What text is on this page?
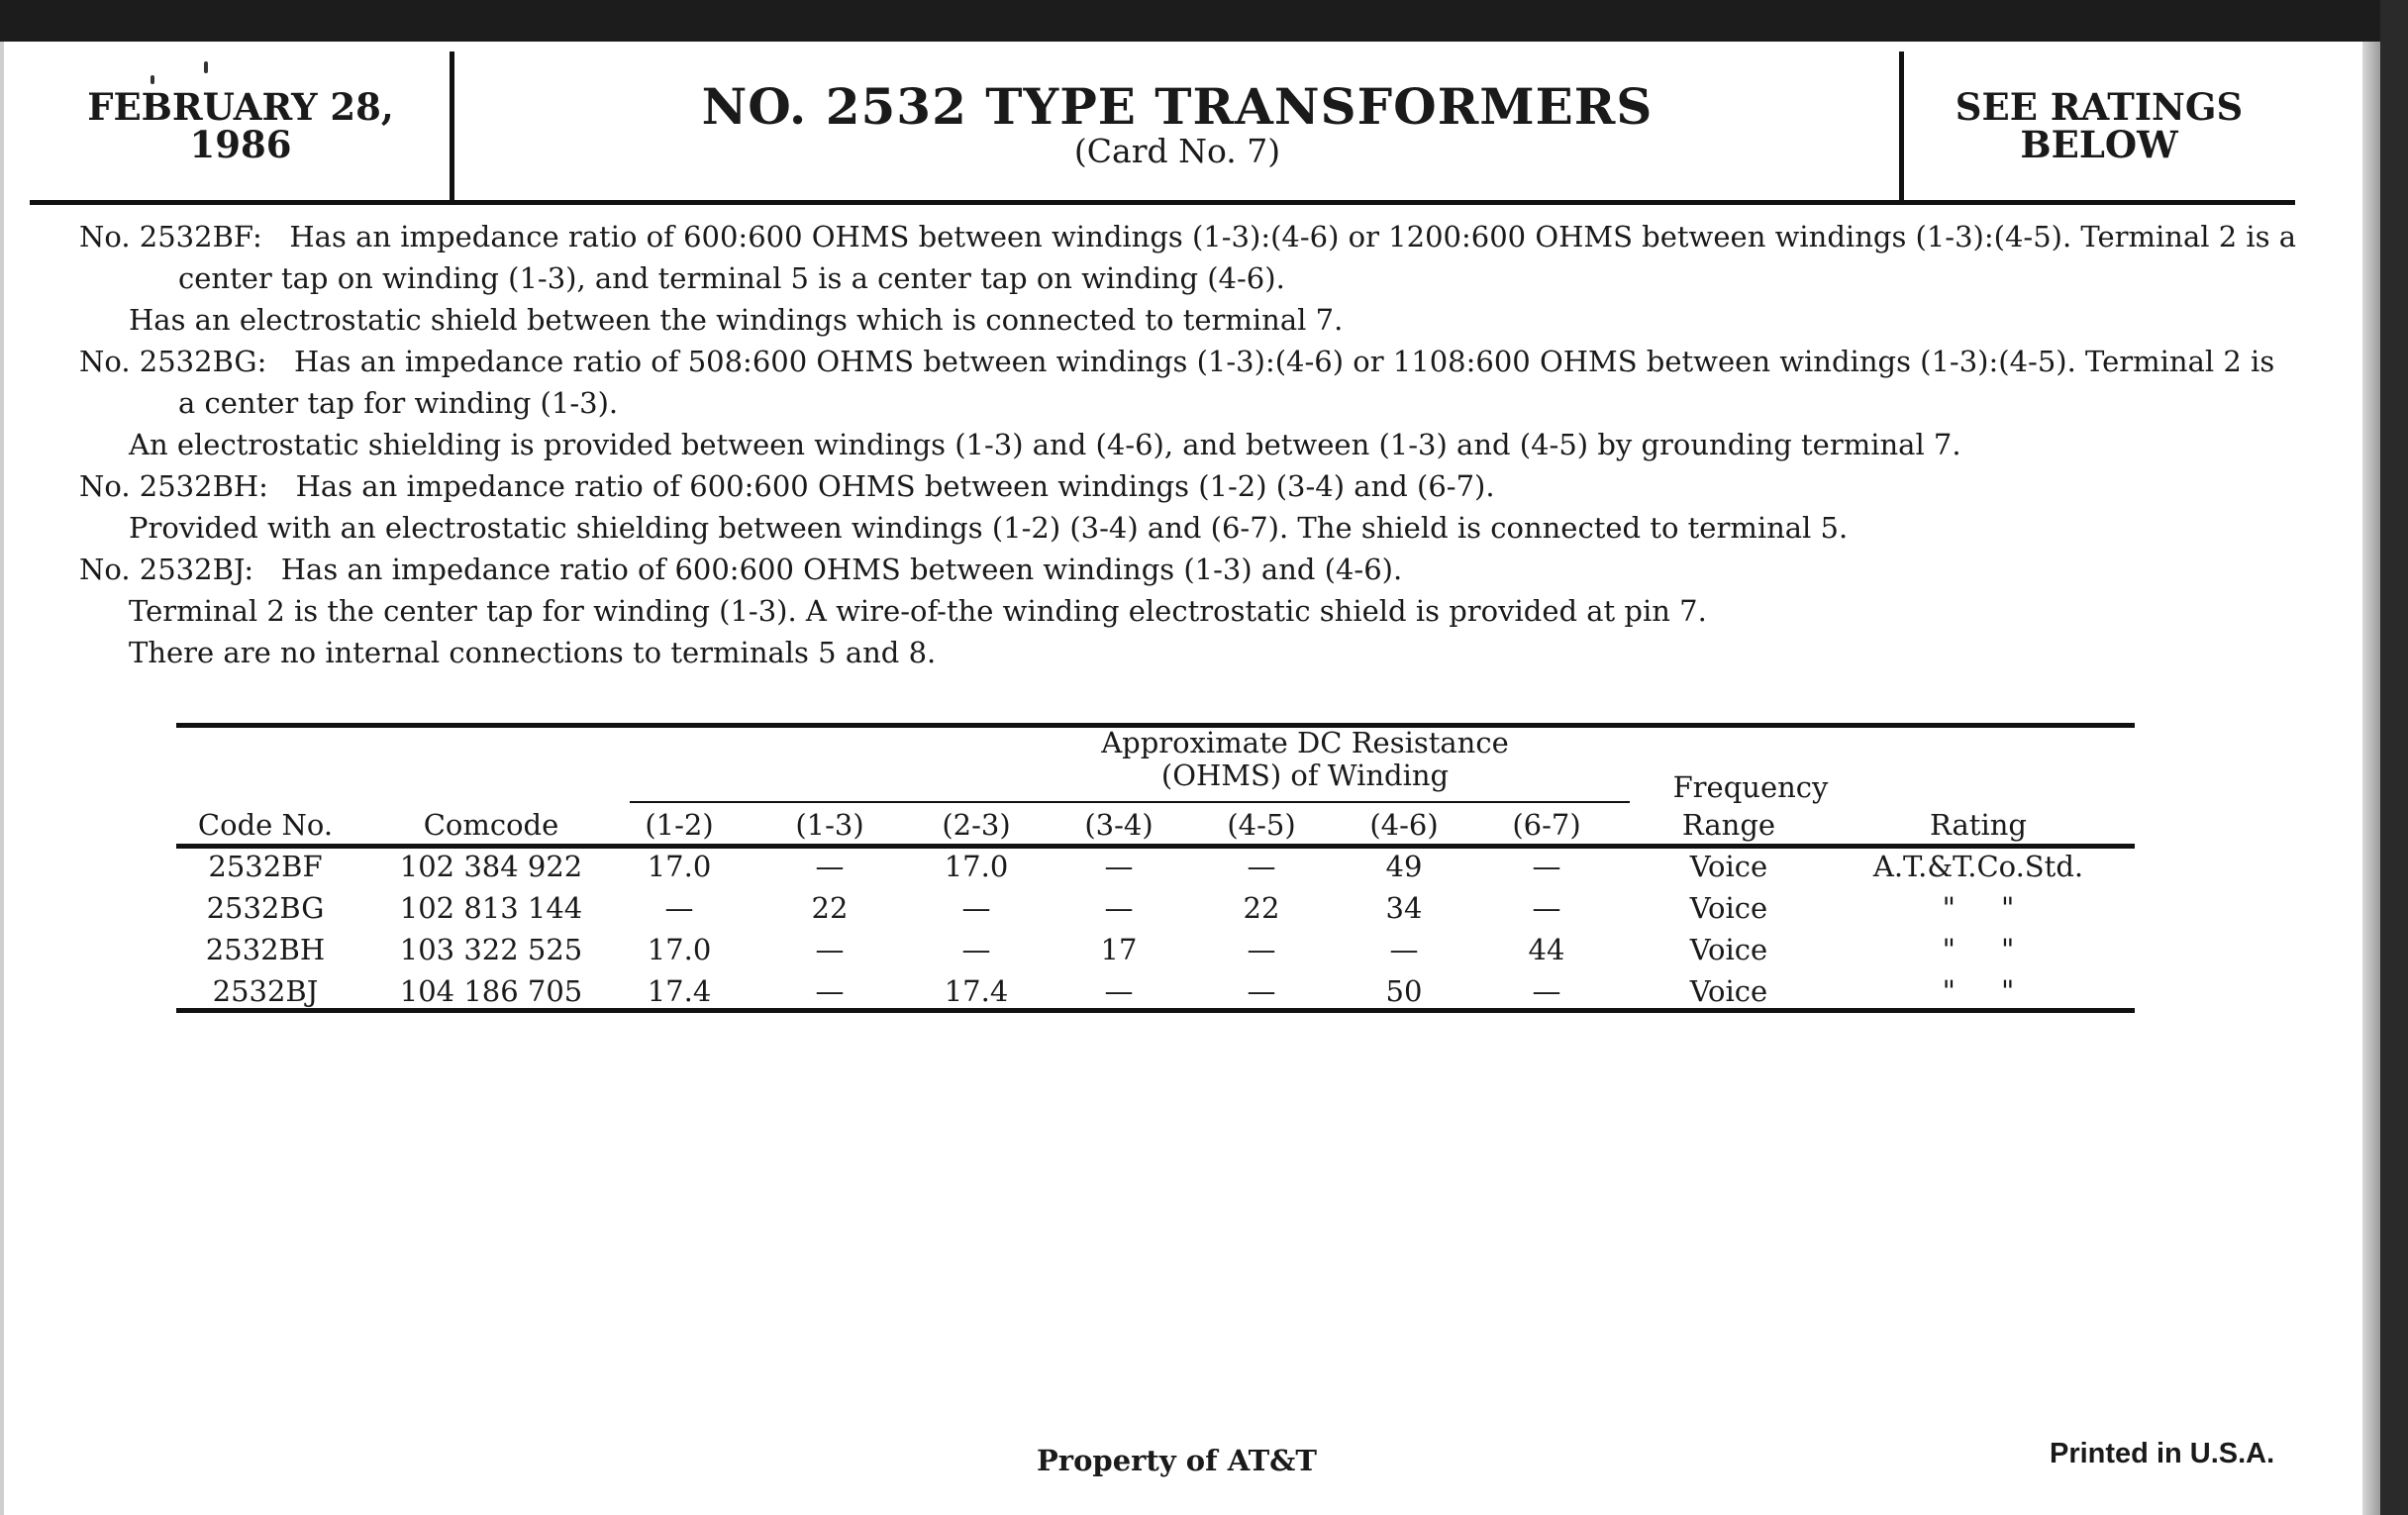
FEBRUARY 28,
1986
NO. 2532 TYPE TRANSFORMERS
(Card No. 7)
SEE RATINGS
BELOW

No. 2532BF: Has an impedance ratio of 600:600 OHMS between windings (1-3):(4-6) or 1200:600 OHMS between windings (1-3):(4-5). Terminal 2 is a center tap on winding (1-3), and terminal 5 is a center tap on winding (4-6).

Has an electrostatic shield between the windings which is connected to terminal 7.

No. 2532BG: Has an impedance ratio of 508:600 OHMS between windings (1-3):(4-6) or 1108:600 OHMS between windings (1-3):(4-5). Terminal 2 is a center tap for winding (1-3).

An electrostatic shielding is provided between windings (1-3) and (4-6), and between (1-3) and (4-5) by grounding terminal 7.

No. 2532BH: Has an impedance ratio of 600:600 OHMS between windings (1-2) (3-4) and (6-7).

Provided with an electrostatic shielding between windings (1-2) (3-4) and (6-7). The shield is connected to terminal 5.

No. 2532BJ: Has an impedance ratio of 600:600 OHMS between windings (1-3) and (4-6).

Terminal 2 is the center tap for winding (1-3). A wire-of-the winding electrostatic shield is provided at pin 7.

There are no internal connections to terminals 5 and 8.

Approximate DC Resistance
(OHMS) of Winding	Frequency
Code No.	Comcode	(1-2)	(1-3)	(2-3)	(3-4)	(4-5)	(4-6)	(6-7)	Range	Rating
2532BF	102 384 922	17.0	—	17.0	—	—	49	—	Voice	A.T.&T.Co.Std.
2532BG	102 813 144	—	22	—	—	22	34	—	Voice	"     "
2532BH	103 322 525	17.0	—	—	17	—	—	44	Voice	"     "
2532BJ	104 186 705	17.4	—	17.4	—	—	50	—	Voice	"     "
Property of AT&T	Printed in U.S.A.
